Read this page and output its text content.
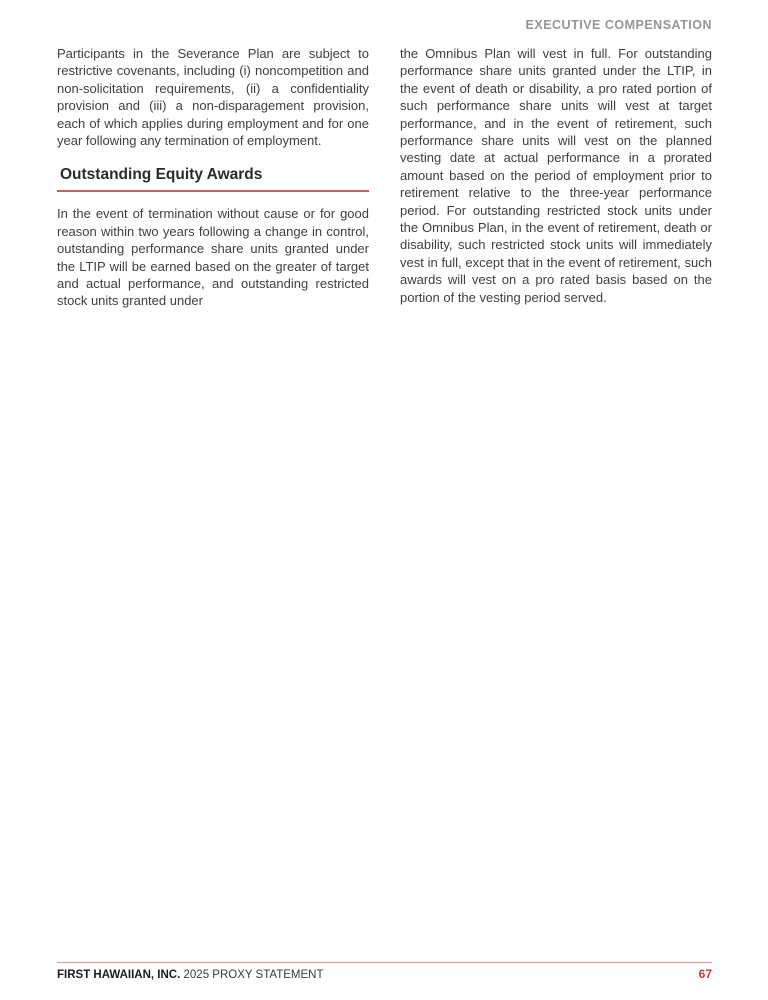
EXECUTIVE COMPENSATION

Participants in the Severance Plan are subject to restrictive covenants, including (i) noncompetition and non-solicitation requirements, (ii) a confidentiality provision and (iii) a non-disparagement provision, each of which applies during employment and for one year following any termination of employment.

Outstanding Equity Awards

In the event of termination without cause or for good reason within two years following a change in control, outstanding performance share units granted under the LTIP will be earned based on the greater of target and actual performance, and outstanding restricted stock units granted under

the Omnibus Plan will vest in full. For outstanding performance share units granted under the LTIP, in the event of death or disability, a pro rated portion of such performance share units will vest at target performance, and in the event of retirement, such performance share units will vest on the planned vesting date at actual performance in a prorated amount based on the period of employment prior to retirement relative to the three-year performance period. For outstanding restricted stock units under the Omnibus Plan, in the event of retirement, death or disability, such restricted stock units will immediately vest in full, except that in the event of retirement, such awards will vest on a pro rated basis based on the portion of the vesting period served.

FIRST HAWAIIAN, INC. 2025 PROXY STATEMENT	67
